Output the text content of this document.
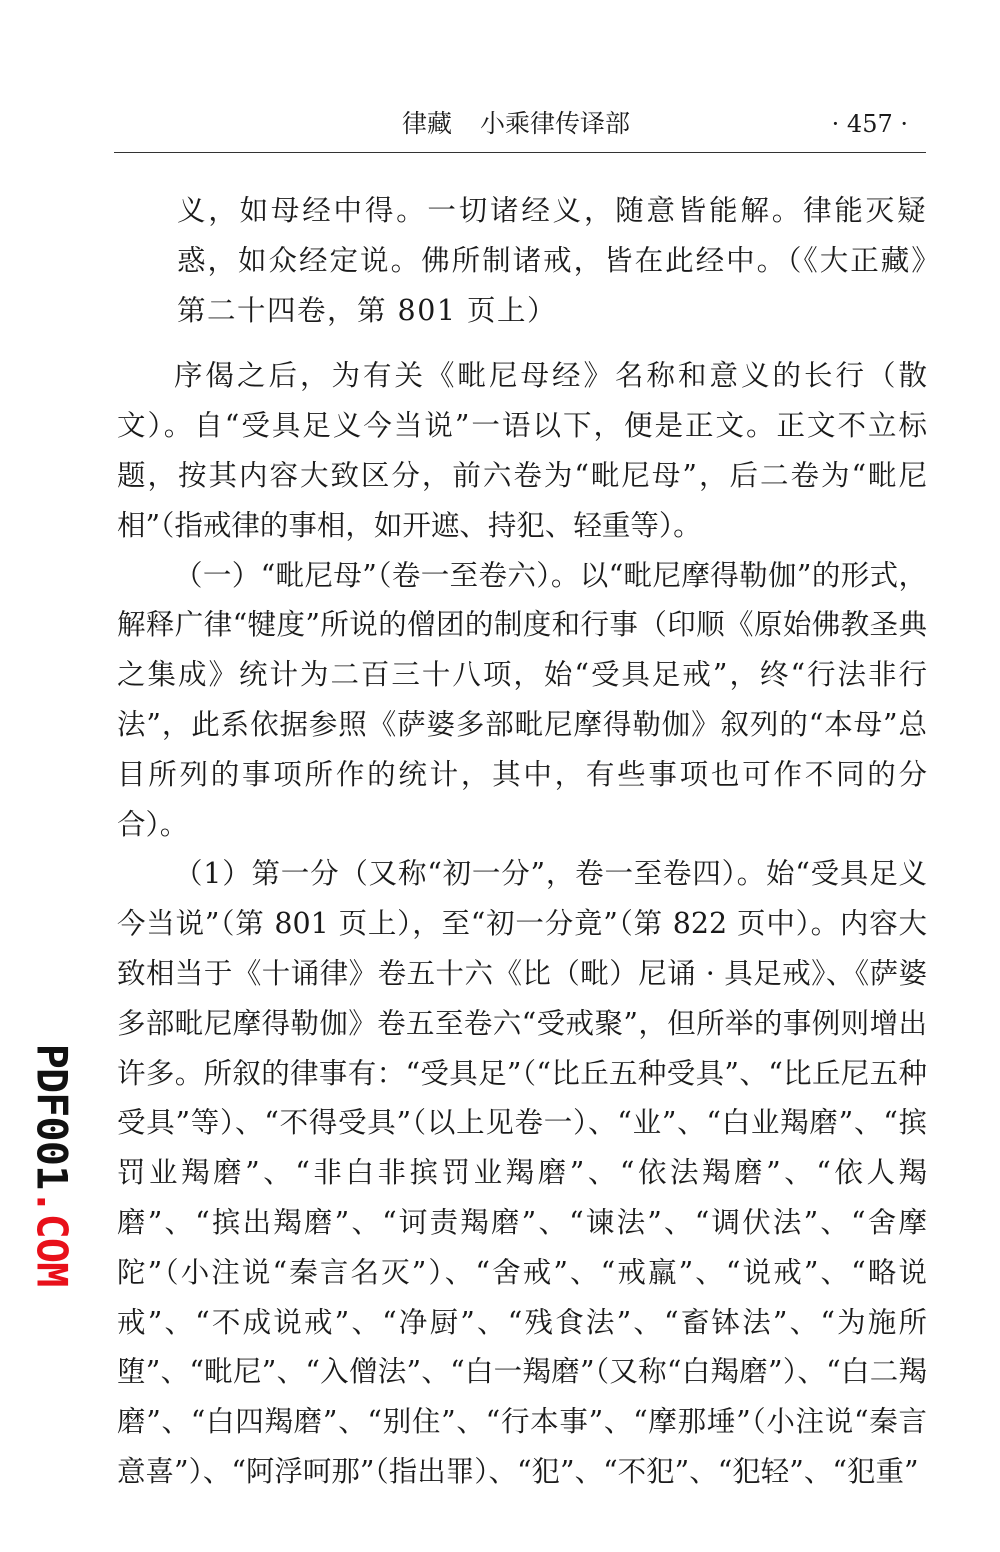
律藏 小乘律传译部	· 457 ·

义，如母经中得。一切诸经义，随意皆能解。律能灭疑惑，如众经定说。佛所制诸戒，皆在此经中。（《大正藏》第二十四卷，第 801 页上）

序偈之后，为有关《毗尼母经》名称和意义的长行（散文）。自“受具足义今当说”一语以下，便是正文。正文不立标题，按其内容大致区分，前六卷为“毗尼母”，后二卷为“毗尼相”（指戒律的事相，如开遮、持犯、轻重等）。

（一）“毗尼母”（卷一至卷六）。以“毗尼摩得勒伽”的形式，解释广律“犍度”所说的僧团的制度和行事（印顺《原始佛教圣典之集成》统计为二百三十八项，始“受具足戒”，终“行法非行法”，此系依据参照《萨婆多部毗尼摩得勒伽》叙列的“本母”总目所列的事项所作的统计，其中，有些事项也可作不同的分合）。

（1）第一分（又称“初一分”，卷一至卷四）。始“受具足义今当说”（第 801 页上），至“初一分竟”（第 822 页中）。内容大致相当于《十诵律》卷五十六《比（毗）尼诵 · 具足戒》、《萨婆多部毗尼摩得勒伽》卷五至卷六“受戒聚”，但所举的事例则增出许多。所叙的律事有：“受具足”（“比丘五种受具”、“比丘尼五种受具”等）、“不得受具”（以上见卷一）、“业”、“白业羯磨”、“摈罚业羯磨”、“非白非摈罚业羯磨”、“依法羯磨”、“依人羯磨”、“摈出羯磨”、“诃责羯磨”、“谏法”、“调伏法”、“舍摩陀”（小注说“秦言名灭”）、“舍戒”、“戒羸”、“说戒”、“略说戒”、“不成说戒”、“净厨”、“残食法”、“畜钵法”、“为施所堕”、“毗尼”、“入僧法”、“白一羯磨”（又称“白羯磨”）、“白二羯磨”、“白四羯磨”、“别住”、“行本事”、“摩那埵”（小注说“秦言意喜”）、“阿浮呵那”（指出罪）、“犯”、“不犯”、“犯轻”、“犯重”

PDF001.COM
